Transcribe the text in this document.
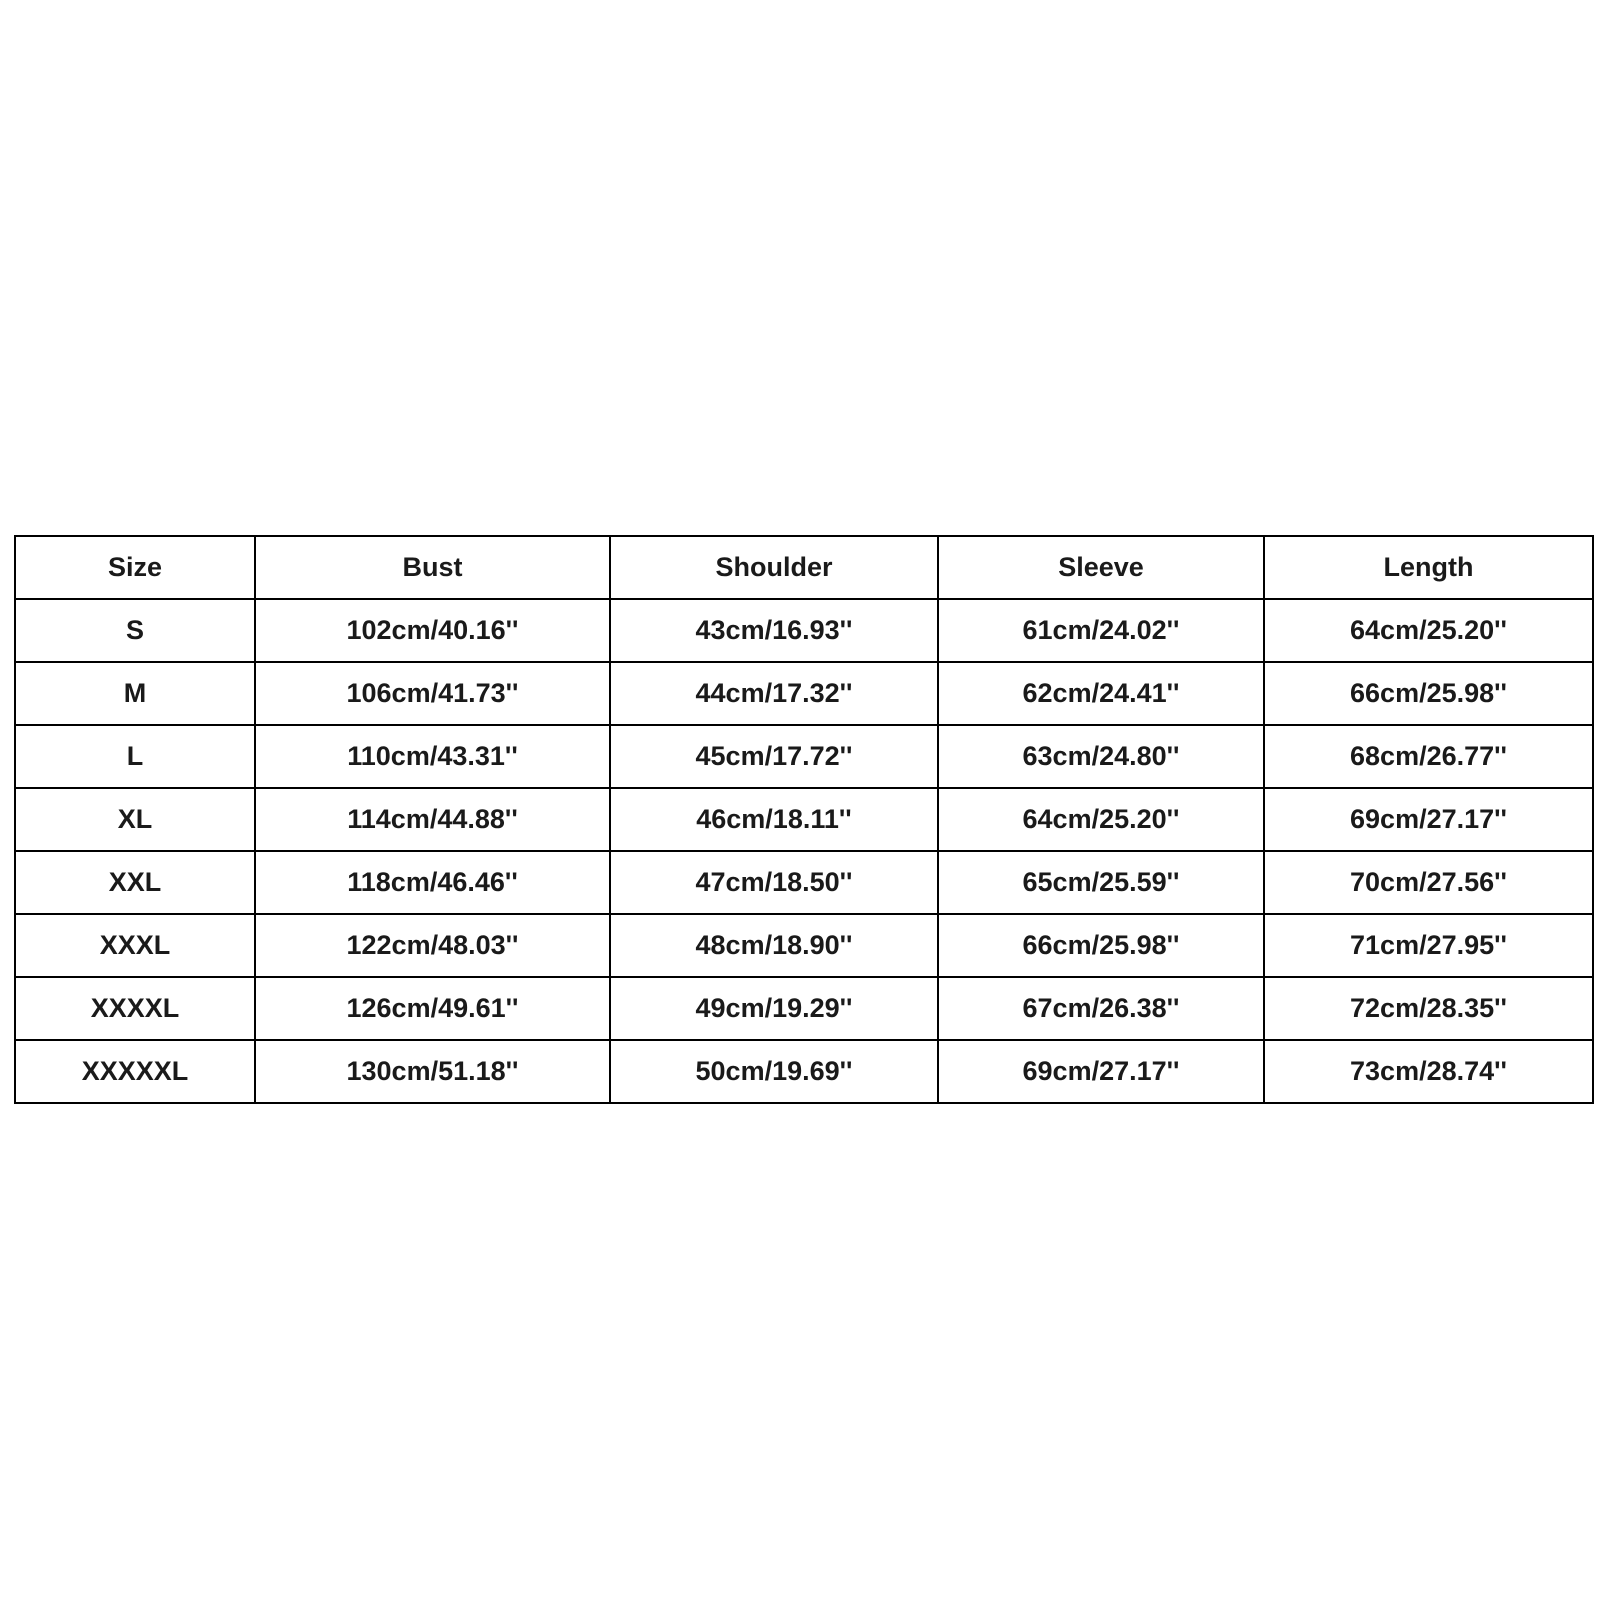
Size	Bust	Shoulder	Sleeve	Length
S	102cm/40.16''	43cm/16.93''	61cm/24.02''	64cm/25.20''
M	106cm/41.73''	44cm/17.32''	62cm/24.41''	66cm/25.98''
L	110cm/43.31''	45cm/17.72''	63cm/24.80''	68cm/26.77''
XL	114cm/44.88''	46cm/18.11''	64cm/25.20''	69cm/27.17''
XXL	118cm/46.46''	47cm/18.50''	65cm/25.59''	70cm/27.56''
XXXL	122cm/48.03''	48cm/18.90''	66cm/25.98''	71cm/27.95''
XXXXL	126cm/49.61''	49cm/19.29''	67cm/26.38''	72cm/28.35''
XXXXXL	130cm/51.18''	50cm/19.69''	69cm/27.17''	73cm/28.74''
